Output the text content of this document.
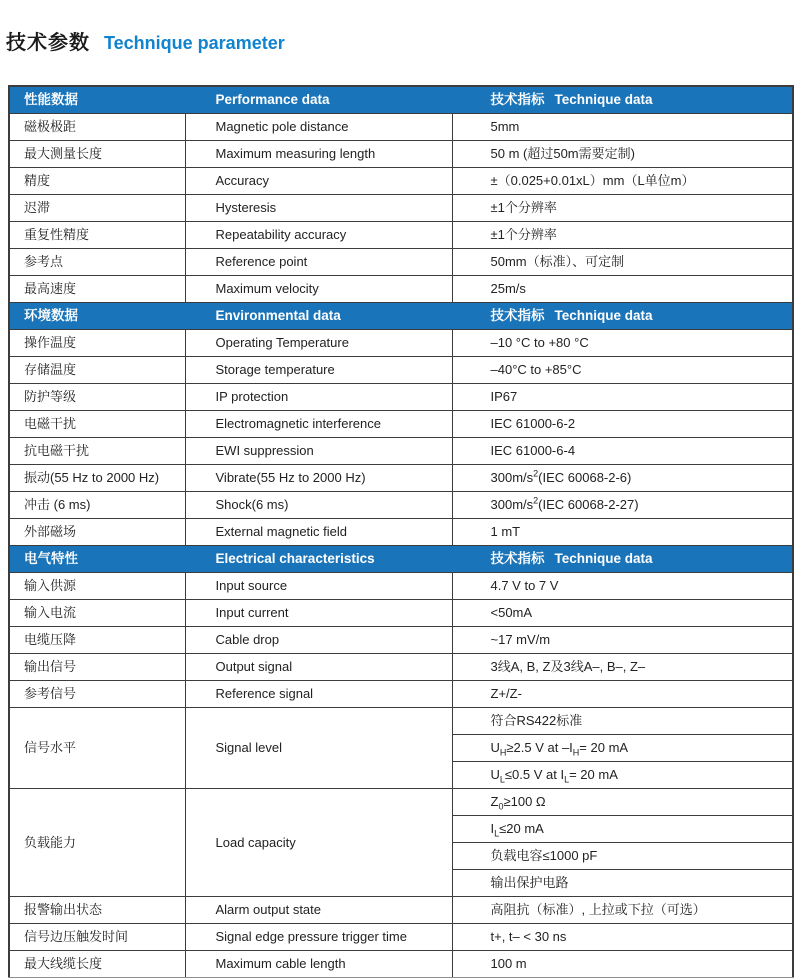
技术参数 Technique parameter
性能数据	Performance data	技术指标 Technique data
磁极极距	Magnetic pole distance	5mm
最大测量长度	Maximum measuring length	50 m (超过50m需要定制)
精度	Accuracy	±（0.025+0.01xL）mm（L单位m）
迟滞	Hysteresis	±1个分辨率
重复性精度	Repeatability accuracy	±1个分辨率
参考点	Reference point	50mm（标准）、可定制
最高速度	Maximum velocity	25m/s
环境数据	Environmental data	技术指标 Technique data
操作温度	Operating Temperature	–10 °C to +80 °C
存储温度	Storage temperature	–40°C to +85°C
防护等级	IP protection	IP67
电磁干扰	Electromagnetic interference	IEC 61000-6-2
抗电磁干扰	EWI suppression	IEC 61000-6-4
振动(55 Hz to 2000 Hz)	Vibrate(55 Hz to 2000 Hz)	$300m/s^2(IEC$ 60068-2-6)
冲击 (6 ms)	Shock(6 ms)	$300m/s^2(IEC$ 60068-2-27)
外部磁场	External magnetic field	1 mT
电气特性	Electrical characteristics	技术指标 Technique data
输入供源	Input source	4.7 V to 7 V
输入电流	Input current	<50mA
电缆压降	Cable drop	~17 mV/m
输出信号	Output signal	3线A, B, Z及3线A–, B–, Z–
参考信号	Reference signal	Z+/Z-
信号水平	Signal level	符合RS422标准
		$U_H\ge 2.5$ V at $-I_H= 20$ mA
		$U_L\le 0.5$ V at $I_L= 20$ mA
负载能力	Load capacity	$Z_0\ge 100$ Ω
		$I_L\le 20$ mA
		负载电容≤1000 pF
		输出保护电路
报警输出状态	Alarm output state	高阻抗（标准）, 上拉或下拉（可选）
信号边压触发时间	Signal edge pressure trigger time	t+, t– < 30 ns
最大线缆长度	Maximum cable length	100 m
